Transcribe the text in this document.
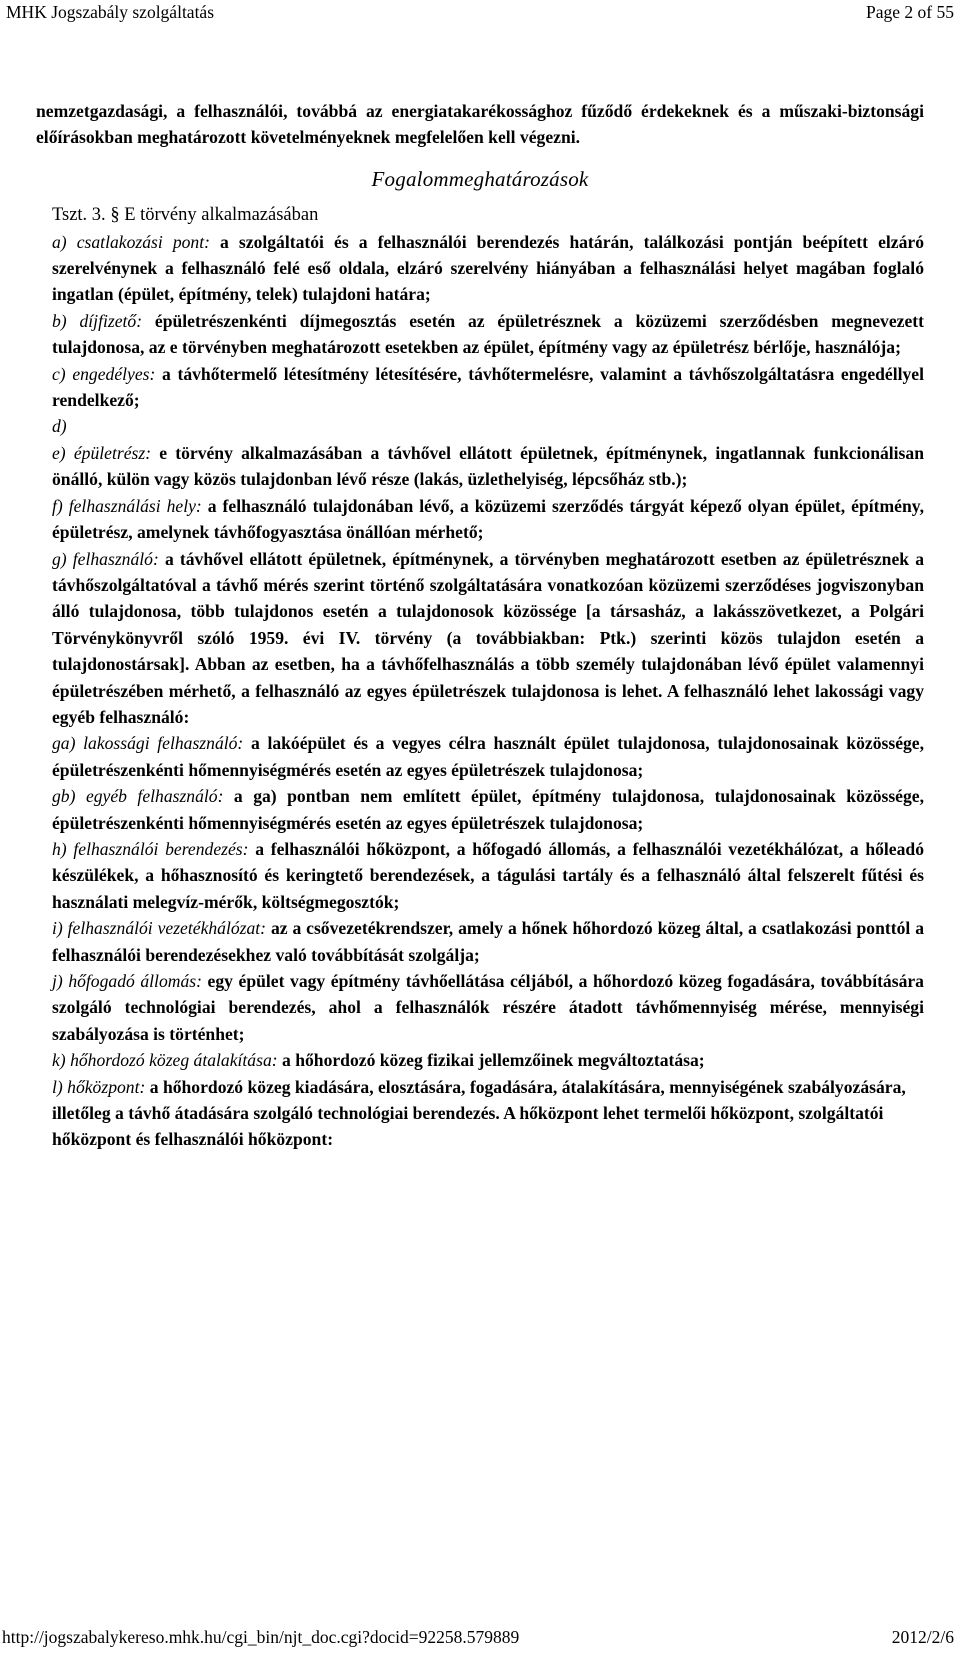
MHK Jogszabály szolgáltatás	Page 2 of 55

nemzetgazdasági, a felhasználói, továbbá az energiatakarékossághoz fűződő érdekeknek és a műszaki-biztonsági előírásokban meghatározott követelményeknek megfelelően kell végezni.

Fogalommeghatározások

Tszt. 3. § E törvény alkalmazásában

a) csatlakozási pont: a szolgáltatói és a felhasználói berendezés határán, találkozási pontján beépített elzáró szerelvénynek a felhasználó felé eső oldala, elzáró szerelvény hiányában a felhasználási helyet magában foglaló ingatlan (épület, építmény, telek) tulajdoni határa;

b) díjfizető: épületrészenkénti díjmegosztás esetén az épületrésznek a közüzemi szerződésben megnevezett tulajdonosa, az e törvényben meghatározott esetekben az épület, építmény vagy az épületrész bérlője, használója;

c) engedélyes: a távhőtermelő létesítmény létesítésére, távhőtermelésre, valamint a távhőszolgáltatásra engedéllyel rendelkező;

d)

e) épületrész: e törvény alkalmazásában a távhővel ellátott épületnek, építménynek, ingatlannak funkcionálisan önálló, külön vagy közös tulajdonban lévő része (lakás, üzlethelyiség, lépcsőház stb.);

f) felhasználási hely: a felhasználó tulajdonában lévő, a közüzemi szerződés tárgyát képező olyan épület, építmény, épületrész, amelynek távhőfogyasztása önállóan mérhető;

g) felhasználó: a távhővel ellátott épületnek, építménynek, a törvényben meghatározott esetben az épületrésznek a távhőszolgáltatóval a távhő mérés szerint történő szolgáltatására vonatkozóan közüzemi szerződéses jogviszonyban álló tulajdonosa, több tulajdonos esetén a tulajdonosok közössége [a társasház, a lakásszövetkezet, a Polgári Törvénykönyvről szóló 1959. évi IV. törvény (a továbbiakban: Ptk.) szerinti közös tulajdon esetén a tulajdonostársak]. Abban az esetben, ha a távhőfelhasználás a több személy tulajdonában lévő épület valamennyi épületrészében mérhető, a felhasználó az egyes épületrészek tulajdonosa is lehet. A felhasználó lehet lakossági vagy egyéb felhasználó:

ga) lakossági felhasználó: a lakóépület és a vegyes célra használt épület tulajdonosa, tulajdonosainak közössége, épületrészenkénti hőmennyiségmérés esetén az egyes épületrészek tulajdonosa;

gb) egyéb felhasználó: a ga) pontban nem említett épület, építmény tulajdonosa, tulajdonosainak közössége, épületrészenkénti hőmennyiségmérés esetén az egyes épületrészek tulajdonosa;

h) felhasználói berendezés: a felhasználói hőközpont, a hőfogadó állomás, a felhasználói vezetékhálózat, a hőleadó készülékek, a hőhasznosító és keringtető berendezések, a tágulási tartály és a felhasználó által felszerelt fűtési és használati melegvíz-mérők, költségmegosztók;

i) felhasználói vezetékhálózat: az a csővezetékrendszer, amely a hőnek hőhordozó közeg által, a csatlakozási ponttól a felhasználói berendezésekhez való továbbítását szolgálja;

j) hőfogadó állomás: egy épület vagy építmény távhőellátása céljából, a hőhordozó közeg fogadására, továbbítására szolgáló technológiai berendezés, ahol a felhasználók részére átadott távhőmennyiség mérése, mennyiségi szabályozása is történhet;

k) hőhordozó közeg átalakítása: a hőhordozó közeg fizikai jellemzőinek megváltoztatása;

l) hőközpont: a hőhordozó közeg kiadására, elosztására, fogadására, átalakítására, mennyiségének szabályozására, illetőleg a távhő átadására szolgáló technológiai berendezés. A hőközpont lehet termelői hőközpont, szolgáltatói hőközpont és felhasználói hőközpont:

http://jogszabalykereso.mhk.hu/cgi_bin/njt_doc.cgi?docid=92258.579889	2012/2/6
